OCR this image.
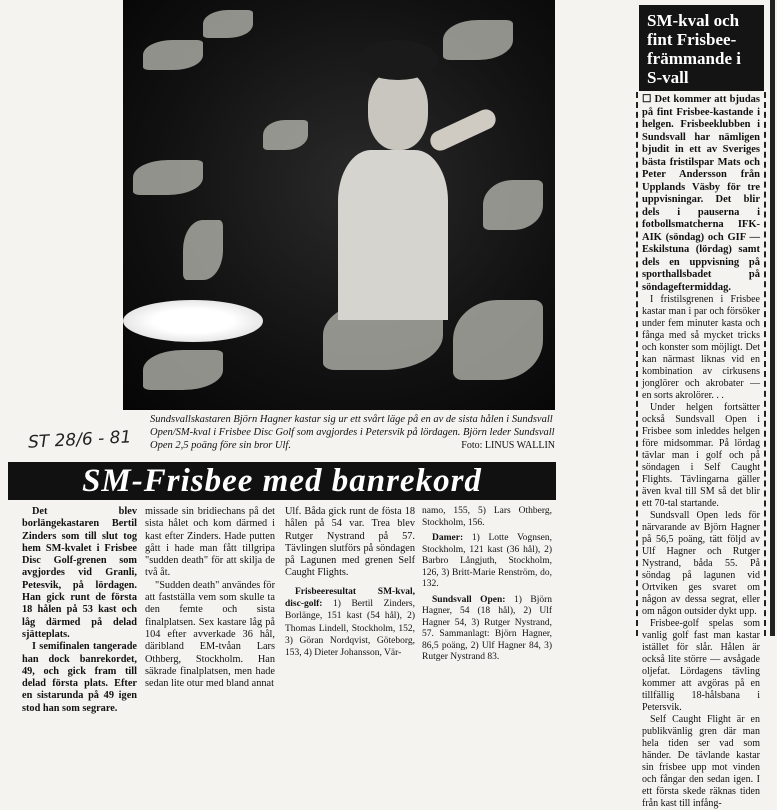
Sundsvallskastaren Björn Hagner kastar sig ur ett svårt läge på en av de sista hålen i Sundsvall Open/SM-kval i Frisbee Disc Golf som avgjordes i Petersvik på lördagen. Björn leder Sundsvall Open 2,5 poäng före sin bror Ulf.	Foto: LINUS WALLIN
ST 28/6 - 81
SM-Frisbee med banrekord

Det blev borlängekastaren Bertil Zinders som till slut tog hem SM-kvalet i Frisbee Disc Golf-grenen som avgjordes vid Granli, Petesvik, på lördagen. Han gick runt de första 18 hålen på 53 kast och låg därmed på delad sjätteplats.

I semifinalen tangerade han dock banrekordet, 49, och gick fram till delad första plats. Efter en sistarunda på 49 igen stod han som segrare.

missade sin bridiechans på det sista hålet och kom därmed i kast efter Zinders. Hade putten gått i hade man fått tillgripa "sudden death" för att skilja de två åt.

"Sudden death" användes för att fastställa vem som skulle ta den femte och sista finalplatsen. Sex kastare låg på 104 efter avverkade 36 hål, däribland EM-tvåan Lars Othberg, Stockholm. Han säkrade finalplatsen, men hade sedan lite otur med bland annat

Ulf. Båda gick runt de fösta 18 hålen på 54 var. Trea blev Rutger Nystrand på 57. Tävlingen slutförs på söndagen på Lagunen med grenen Self Caught Flights.

Frisbeeresultat SM-kval, disc-golf: 1) Bertil Zinders, Borlänge, 151 kast (54 hål), 2) Thomas Lindell, Stockholm, 152, 3) Göran Nordqvist, Göteborg, 153, 4) Dieter Johansson, Vär-

namo, 155, 5) Lars Othberg, Stockholm, 156.

Damer: 1) Lotte Vognsen, Stockholm, 121 kast (36 hål), 2) Barbro Långjuth, Stockholm, 126, 3) Britt-Marie Renström, do, 132.

Sundsvall Open: 1) Björn Hagner, 54 (18 hål), 2) Ulf Hagner 54, 3) Rutger Nystrand, 57. Sammanlagt: Björn Hagner, 86,5 poäng, 2) Ulf Hagner 84, 3) Rutger Nystrand 83.

SM-kval och fint Frisbee-främmande i S-vall

☐ Det kommer att bjudas på fint Frisbee-kastande i helgen. Frisbeeklubben i Sundsvall har nämligen bjudit in ett av Sveriges bästa fristilspar Mats och Peter Andersson från Upplands Väsby för tre uppvisningar. Det blir dels i pauserna i fotbollsmatcherna IFK-AIK (söndag) och GIF — Eskilstuna (lördag) samt dels en uppvisning på sporthallsbadet på söndageftermiddag.

I fristilsgrenen i Frisbee kastar man i par och försöker under fem minuter kasta och fånga med så mycket tricks och konster som möjligt. Det kan närmast liknas vid en kombination av cirkusens jonglörer och akrobater — en sorts akrolörer. . .

Under helgen fortsätter också Sundsvall Open i Frisbee som inleddes helgen före midsommar. På lördag tävlar man i golf och på söndagen i Self Caught Flights. Tävlingarna gäller även kval till SM så det blir ett 70-tal startande.

Sundsvall Open leds för närvarande av Björn Hagner på 56,5 poäng, tätt följd av Ulf Hagner och Rutger Nystrand, båda 55. På söndag på lagunen vid Ortviken ges svaret om någon av dessa segrat, eller om någon outsider dykt upp.

Frisbee-golf spelas som vanlig golf fast man kastar istället för slår. Hålen är också lite större — avsågade oljefat. Lördagens tävling kommer att avgöras på en tillfällig 18-hålsbana i Petersvik.

Self Caught Flight är en publikvänlig gren där man hela tiden ser vad som händer. De tävlande kastar sin frisbee upp mot vinden och fångar den sedan igen. I ett första skede räknas tiden från kast till infång-
